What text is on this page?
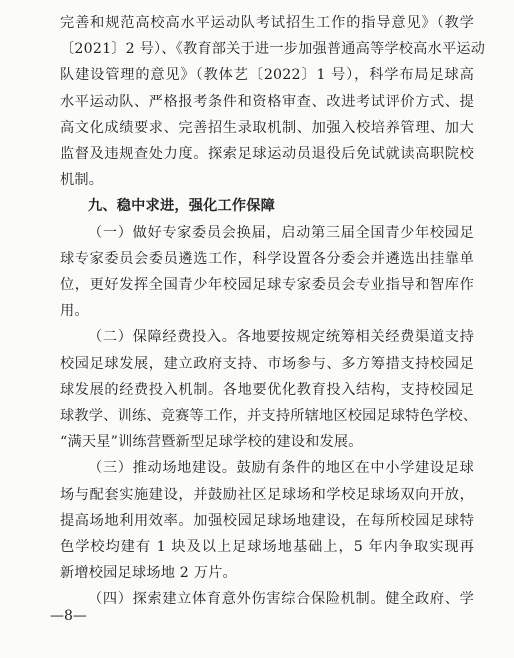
完善和规范高校高水平运动队考试招生工作的指导意见》（教学
〔2021〕2 号）、《教育部关于进一步加强普通高等学校高水平运动
队建设管理的意见》（教体艺〔2022〕1 号），科学布局足球高
水平运动队、严格报考条件和资格审查、改进考试评价方式、提
高文化成绩要求、完善招生录取机制、加强入校培养管理、加大
监督及违规查处力度。探索足球运动员退役后免试就读高职院校
机制。
九、稳中求进，强化工作保障
（一）做好专家委员会换届，启动第三届全国青少年校园足
球专家委员会委员遴选工作，科学设置各分委会并遴选出挂靠单
位，更好发挥全国青少年校园足球专家委员会专业指导和智库作
用。
（二）保障经费投入。各地要按规定统筹相关经费渠道支持
校园足球发展，建立政府支持、市场参与、多方筹措支持校园足
球发展的经费投入机制。各地要优化教育投入结构，支持校园足
球教学、训练、竞赛等工作，并支持所辖地区校园足球特色学校、
“满天星”训练营暨新型足球学校的建设和发展。
（三）推动场地建设。鼓励有条件的地区在中小学建设足球
场与配套实施建设，并鼓励社区足球场和学校足球场双向开放，
提高场地利用效率。加强校园足球场地建设，在每所校园足球特
色学校均建有 1 块及以上足球场地基础上，5 年内争取实现再
新增校园足球场地 2 万片。
（四）探索建立体育意外伤害综合保险机制。健全政府、学
—8—
